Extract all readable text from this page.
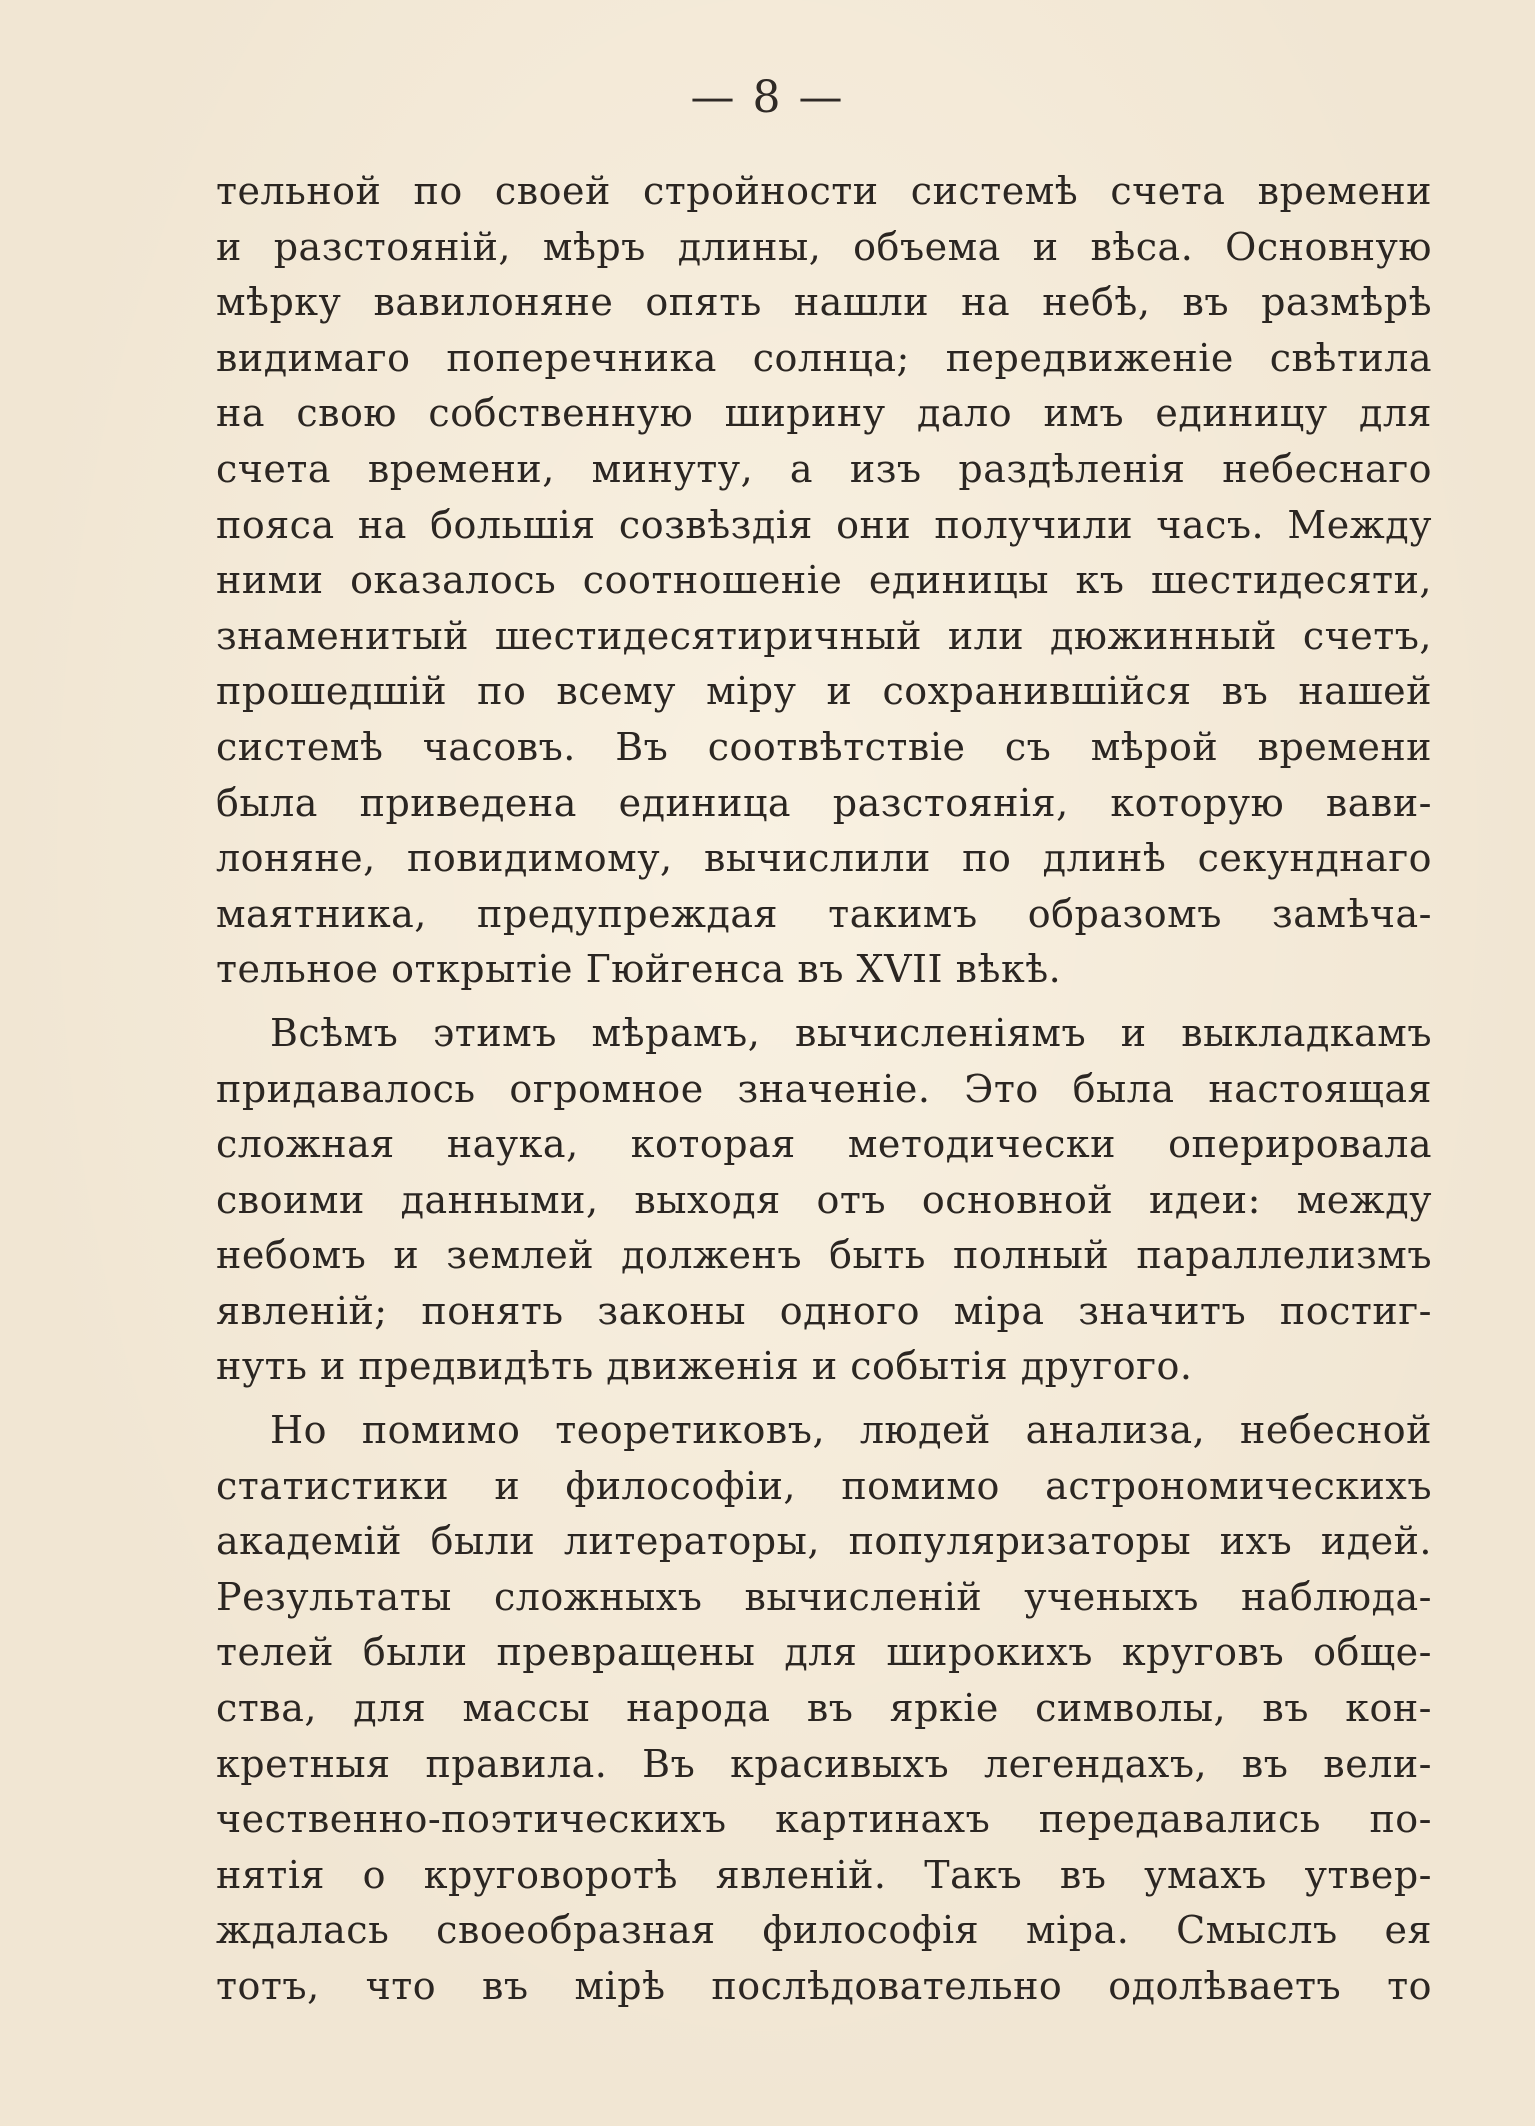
— 8 —
тельной по своей стройности системѣ счета времени
и разстояній, мѣръ длины, объема и вѣса. Основную
мѣрку вавилоняне опять нашли на небѣ, въ размѣрѣ
видимаго поперечника солнца; передвиженіе свѣтила
на свою собственную ширину дало имъ единицу для
счета времени, минуту, а изъ раздѣленія небеснаго
пояса на большія созвѣздія они получили часъ. Между
ними оказалось соотношеніе единицы къ шестидесяти,
знаменитый шестидесятиричный или дюжинный счетъ,
прошедшій по всему міру и сохранившійся въ нашей
системѣ часовъ. Въ соотвѣтствіе съ мѣрой времени
была приведена единица разстоянія, которую вави-
лоняне, повидимому, вычислили по длинѣ секунднаго
маятника, предупреждая такимъ образомъ замѣча-
тельное открытіе Гюйгенса въ XVII вѣкѣ.
Всѣмъ этимъ мѣрамъ, вычисленіямъ и выкладкамъ
придавалось огромное значеніе. Это была настоящая
сложная наука, которая методически оперировала
своими данными, выходя отъ основной идеи: между
небомъ и землей долженъ быть полный параллелизмъ
явленій; понять законы одного міра значитъ постиг-
нуть и предвидѣть движенія и событія другого.
Но помимо теоретиковъ, людей анализа, небесной
статистики и философіи, помимо астрономическихъ
академій были литераторы, популяризаторы ихъ идей.
Результаты сложныхъ вычисленій ученыхъ наблюда-
телей были превращены для широкихъ круговъ обще-
ства, для массы народа въ яркіе символы, въ кон-
кретныя правила. Въ красивыхъ легендахъ, въ вели-
чественно-поэтическихъ картинахъ передавались по-
нятія о круговоротѣ явленій. Такъ въ умахъ утвер-
ждалась своеобразная философія міра. Смыслъ ея
тотъ, что въ мірѣ послѣдовательно одолѣваетъ то
